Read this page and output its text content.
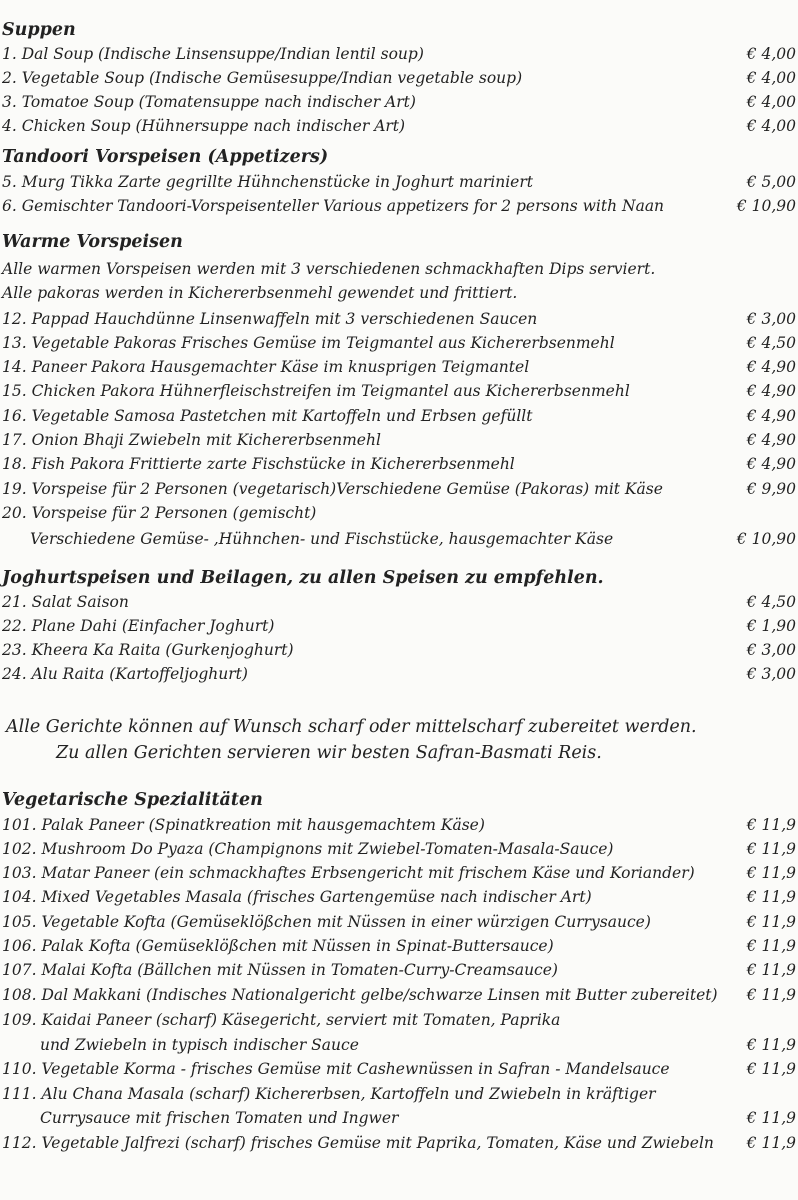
Suppen
1. Dal Soup (Indische Linsensuppe/Indian lentil soup)	€ 4,00
2. Vegetable Soup (Indische Gemüsesuppe/Indian vegetable soup)	€ 4,00
3. Tomatoe Soup (Tomatensuppe nach indischer Art)	€ 4,00
4. Chicken Soup (Hühnersuppe nach indischer Art)	€ 4,00
Tandoori Vorspeisen (Appetizers)
5. Murg Tikka Zarte gegrillte Hühnchenstücke in Joghurt mariniert	€ 5,00
6. Gemischter Tandoori-Vorspeisenteller Various appetizers for 2 persons with Naan	€ 10,90
Warme Vorspeisen
Alle warmen Vorspeisen werden mit 3 verschiedenen schmackhaften Dips serviert.
Alle pakoras werden in Kichererbsenmehl gewendet und frittiert.
12. Pappad Hauchdünne Linsenwaffeln mit 3 verschiedenen Saucen	€ 3,00
13. Vegetable Pakoras Frisches Gemüse im Teigmantel aus Kichererbsenmehl	€ 4,50
14. Paneer Pakora Hausgemachter Käse im knusprigen Teigmantel	€ 4,90
15. Chicken Pakora Hühnerfleischstreifen im Teigmantel aus Kichererbsenmehl	€ 4,90
16. Vegetable Samosa Pastetchen mit Kartoffeln und Erbsen gefüllt	€ 4,90
17. Onion Bhaji Zwiebeln mit Kichererbsenmehl	€ 4,90
18. Fish Pakora Frittierte zarte Fischstücke in Kichererbsenmehl	€ 4,90
19. Vorspeise für 2 Personen (vegetarisch)Verschiedene Gemüse (Pakoras) mit Käse	€ 9,90
20. Vorspeise für 2 Personen (gemischt)
Verschiedene Gemüse- ,Hühnchen- und Fischstücke, hausgemachter Käse	€ 10,90
Joghurtspeisen und Beilagen, zu allen Speisen zu empfehlen.
21. Salat Saison	€ 4,50
22. Plane Dahi (Einfacher Joghurt)	€ 1,90
23. Kheera Ka Raita (Gurkenjoghurt)	€ 3,00
24. Alu Raita (Kartoffeljoghurt)	€ 3,00
Alle Gerichte können auf Wunsch scharf oder mittelscharf zubereitet werden.
Zu allen Gerichten servieren wir besten Safran-Basmati Reis.
Vegetarische Spezialitäten
101. Palak Paneer (Spinatkreation mit hausgemachtem Käse)	€ 11,9
102. Mushroom Do Pyaza (Champignons mit Zwiebel-Tomaten-Masala-Sauce)	€ 11,9
103. Matar Paneer (ein schmackhaftes Erbsengericht mit frischem Käse und Koriander)	€ 11,9
104. Mixed Vegetables Masala (frisches Gartengemüse nach indischer Art)	€ 11,9
105. Vegetable Kofta (Gemüseklößchen mit Nüssen in einer würzigen Currysauce)	€ 11,9
106. Palak Kofta (Gemüseklößchen mit Nüssen in Spinat-Buttersauce)	€ 11,9
107. Malai Kofta (Bällchen mit Nüssen in Tomaten-Curry-Creamsauce)	€ 11,9
108. Dal Makkani (Indisches Nationalgericht gelbe/schwarze Linsen mit Butter zubereitet) € 11,9
109. Kaidai Paneer (scharf) Käsegericht, serviert mit Tomaten, Paprika
und Zwiebeln in typisch indischer Sauce	€ 11,9
110. Vegetable Korma - frisches Gemüse mit Cashewnüssen in Safran - Mandelsauce	€ 11,9
111. Alu Chana Masala (scharf) Kichererbsen, Kartoffeln und Zwiebeln in kräftiger
Currysauce mit frischen Tomaten und Ingwer	€ 11,9
112. Vegetable Jalfrezi (scharf) frisches Gemüse mit Paprika, Tomaten, Käse und Zwiebeln € 11,9
